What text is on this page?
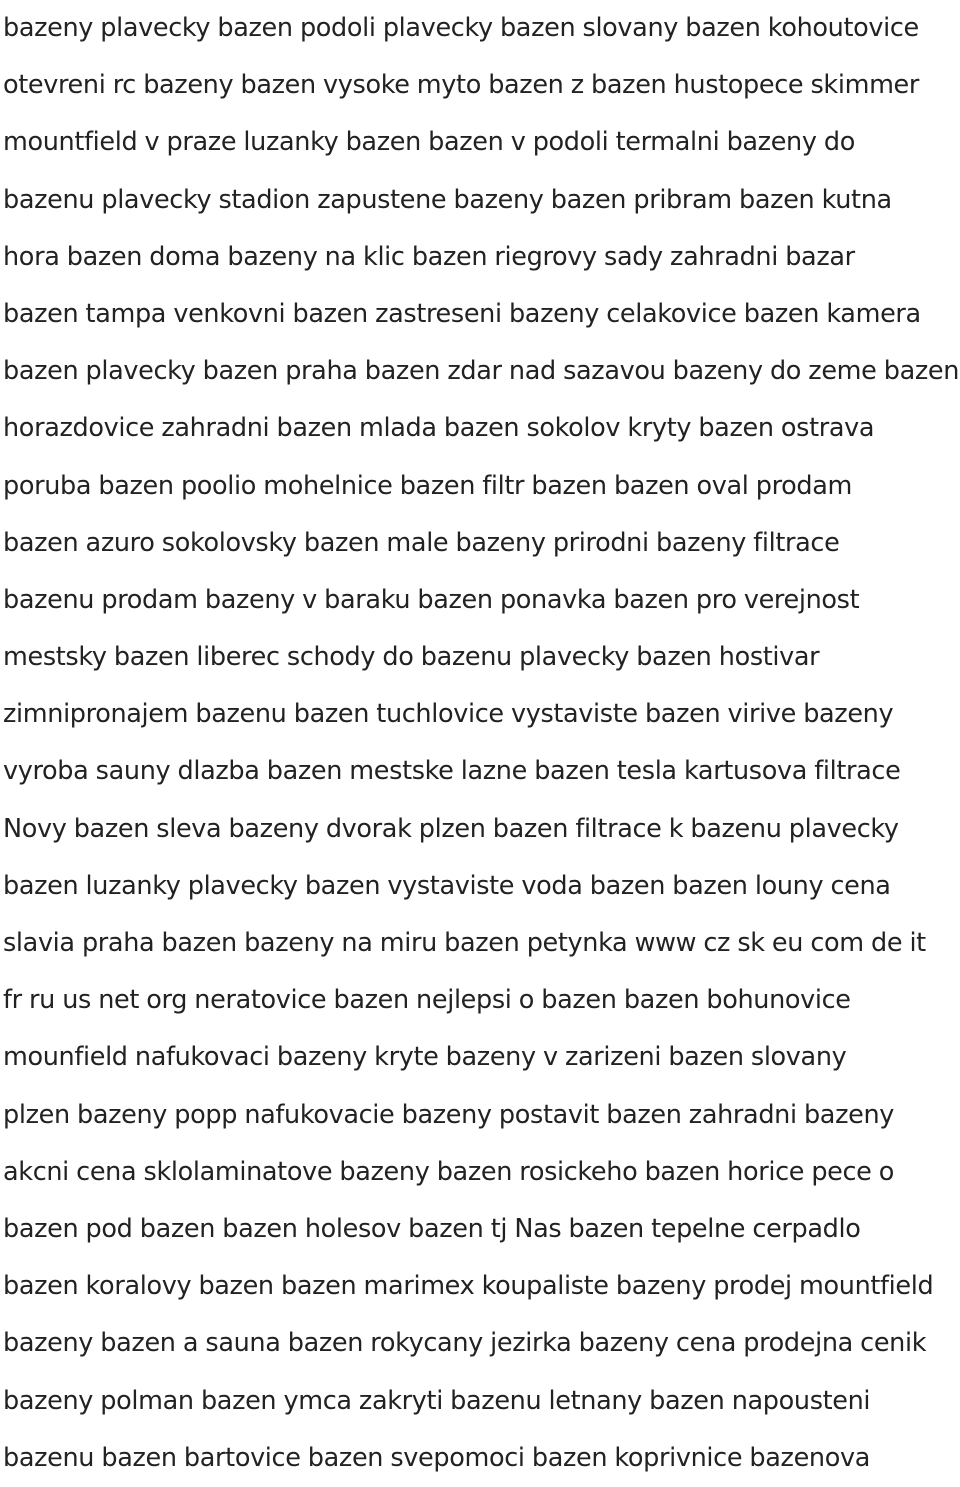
bazeny plavecky bazen podoli plavecky bazen slovany bazen kohoutovice
otevreni rc bazeny bazen vysoke myto bazen z bazen hustopece skimmer
mountfield v praze luzanky bazen bazen v podoli termalni bazeny do
bazenu plavecky stadion zapustene bazeny bazen pribram bazen kutna
hora bazen doma bazeny na klic bazen riegrovy sady zahradni bazar
bazen tampa venkovni bazen zastreseni bazeny celakovice bazen kamera
bazen plavecky bazen praha bazen zdar nad sazavou bazeny do zeme bazen
horazdovice zahradni bazen mlada bazen sokolov kryty bazen ostrava
poruba bazen poolio mohelnice bazen filtr bazen bazen oval prodam
bazen azuro sokolovsky bazen male bazeny prirodni bazeny filtrace
bazenu prodam bazeny v baraku bazen ponavka bazen pro verejnost
mestsky bazen liberec schody do bazenu plavecky bazen hostivar
zimnipronajem bazenu bazen tuchlovice vystaviste bazen virive bazeny
vyroba sauny dlazba bazen mestske lazne bazen tesla kartusova filtrace
Novy bazen sleva bazeny dvorak plzen bazen filtrace k bazenu plavecky
bazen luzanky plavecky bazen vystaviste voda bazen bazen louny cena
slavia praha bazen bazeny na miru bazen petynka www cz sk eu com de it
fr ru us net org neratovice bazen nejlepsi o bazen bazen bohunovice
mounfield nafukovaci bazeny kryte bazeny v zarizeni bazen slovany
plzen bazeny popp nafukovacie bazeny postavit bazen zahradni bazeny
akcni cena sklolaminatove bazeny bazen rosickeho bazen horice pece o
bazen pod bazen bazen holesov bazen tj Nas bazen tepelne cerpadlo
bazen koralovy bazen bazen marimex koupaliste bazeny prodej mountfield
bazeny bazen a sauna bazen rokycany jezirka bazeny cena prodejna cenik
bazeny polman bazen ymca zakryti bazenu letnany bazen napousteni
bazenu bazen bartovice bazen svepomoci bazen koprivnice bazenova
